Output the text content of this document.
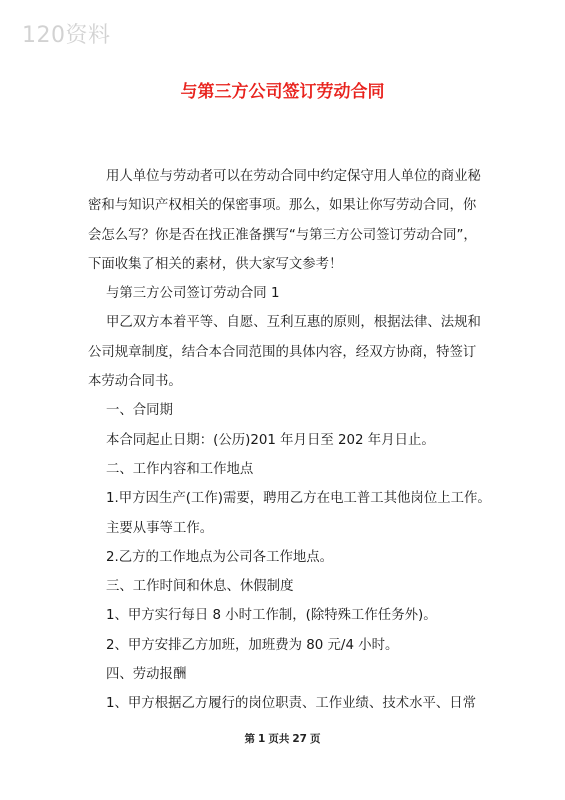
120资料
与第三方公司签订劳动合同

用人单位与劳动者可以在劳动合同中约定保守用人单位的商业秘

密和与知识产权相关的保密事项。那么，如果让你写劳动合同，你

会怎么写？你是否在找正准备撰写“与第三方公司签订劳动合同”，

下面收集了相关的素材，供大家写文参考！

与第三方公司签订劳动合同 1

甲乙双方本着平等、自愿、互利互惠的原则，根据法律、法规和

公司规章制度，结合本合同范围的具体内容，经双方协商，特签订

本劳动合同书。

一、合同期

本合同起止日期：(公历)201 年月日至 202 年月日止。

二、工作内容和工作地点

1.甲方因生产(工作)需要，聘用乙方在电工普工其他岗位上工作。

主要从事等工作。

2.乙方的工作地点为公司各工作地点。

三、工作时间和休息、休假制度

1、甲方实行每日 8 小时工作制，(除特殊工作任务外)。

2、甲方安排乙方加班，加班费为 80 元/4 小时。

四、劳动报酬

1、甲方根据乙方履行的岗位职责、工作业绩、技术水平、日常

第 1 页共 27 页
